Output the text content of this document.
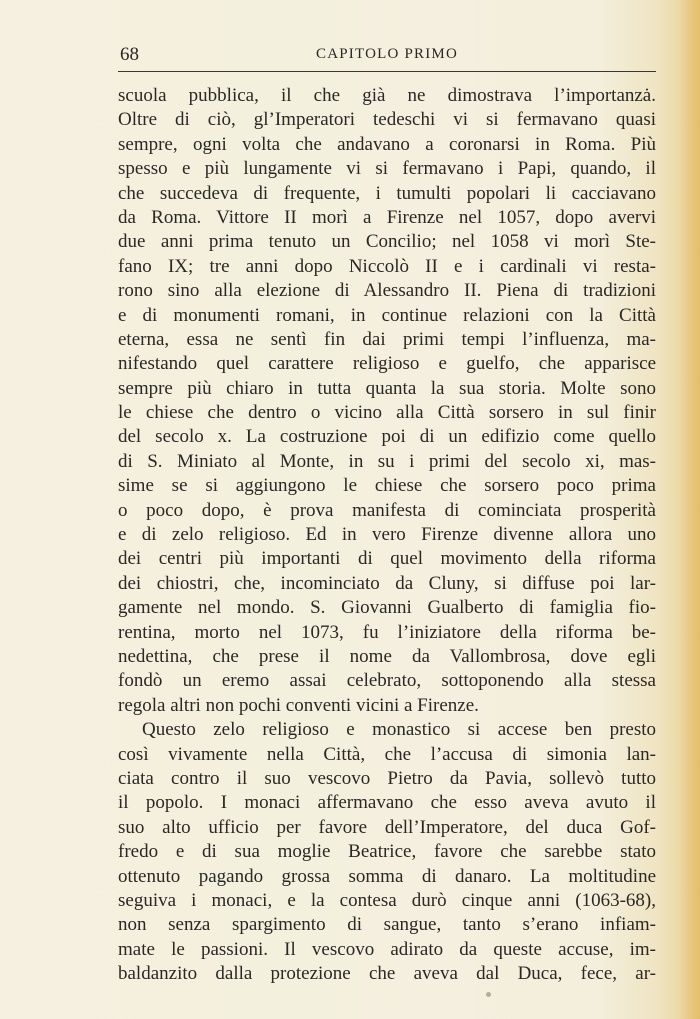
68	CAPITOLO PRIMO
scuola pubblica, il che già ne dimostrava l’importanzȧ.
Oltre di ciò, gl’Imperatori tedeschi vi si fermavano quasi
sempre, ogni volta che andavano a coronarsi in Roma. Più
spesso e più lungamente vi si fermavano i Papi, quando, il
che succedeva di frequente, i tumulti popolari li cacciavano
da Roma. Vittore II morì a Firenze nel 1057, dopo avervi
due anni prima tenuto un Concilio; nel 1058 vi morì Ste-
fano IX; tre anni dopo Niccolò II e i cardinali vi resta-
rono sino alla elezione di Alessandro II. Piena di tradizioni
e di monumenti romani, in continue relazioni con la Città
eterna, essa ne sentì fin dai primi tempi l’influenza, ma-
nifestando quel carattere religioso e guelfo, che apparisce
sempre più chiaro in tutta quanta la sua storia. Molte sono
le chiese che dentro o vicino alla Città sorsero in sul finir
del secolo x. La costruzione poi di un edifizio come quello
di S. Miniato al Monte, in su i primi del secolo xi, mas-
sime se si aggiungono le chiese che sorsero poco prima
o poco dopo, è prova manifesta di cominciata prosperità
e di zelo religioso. Ed in vero Firenze divenne allora uno
dei centri più importanti di quel movimento della riforma
dei chiostri, che, incominciato da Cluny, si diffuse poi lar-
gamente nel mondo. S. Giovanni Gualberto di famiglia fio-
rentina, morto nel 1073, fu l’iniziatore della riforma be-
nedettina, che prese il nome da Vallombrosa, dove egli
fondò un eremo assai celebrato, sottoponendo alla stessa
regola altri non pochi conventi vicini a Firenze.
Questo zelo religioso e monastico si accese ben presto
così vivamente nella Città, che l’accusa di simonia lan-
ciata contro il suo vescovo Pietro da Pavia, sollevò tutto
il popolo. I monaci affermavano che esso aveva avuto il
suo alto ufficio per favore dell’Imperatore, del duca Gof-
fredo e di sua moglie Beatrice, favore che sarebbe stato
ottenuto pagando grossa somma di danaro. La moltitudine
seguiva i monaci, e la contesa durò cinque anni (1063-68),
non senza spargimento di sangue, tanto s’erano infiam-
mate le passioni. Il vescovo adirato da queste accuse, im-
baldanzito dalla protezione che aveva dal Duca, fece, ar-
